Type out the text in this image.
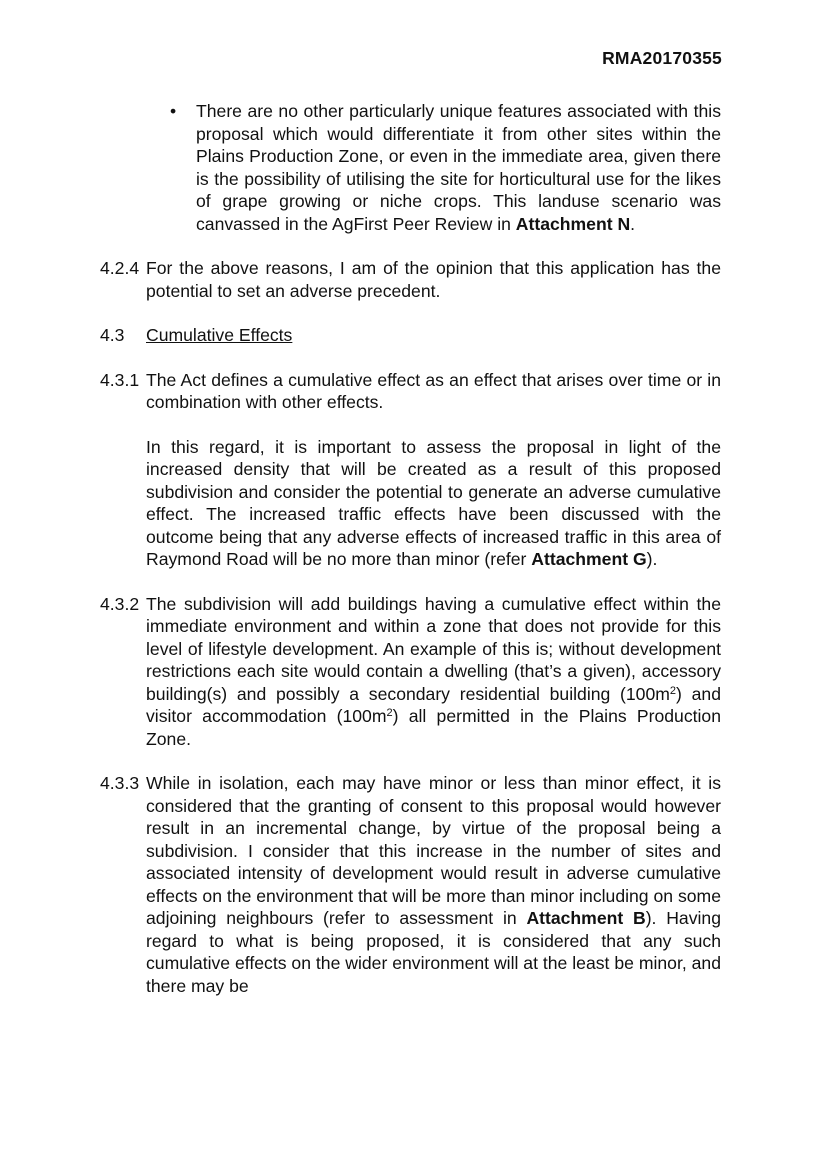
RMA20170355
• There are no other particularly unique features associated with this proposal which would differentiate it from other sites within the Plains Production Zone, or even in the immediate area, given there is the possibility of utilising the site for horticultural use for the likes of grape growing or niche crops. This landuse scenario was canvassed in the AgFirst Peer Review in Attachment N.
4.2.4 For the above reasons, I am of the opinion that this application has the potential to set an adverse precedent.
4.3 Cumulative Effects
4.3.1 The Act defines a cumulative effect as an effect that arises over time or in combination with other effects.
In this regard, it is important to assess the proposal in light of the increased density that will be created as a result of this proposed subdivision and consider the potential to generate an adverse cumulative effect. The increased traffic effects have been discussed with the outcome being that any adverse effects of increased traffic in this area of Raymond Road will be no more than minor (refer Attachment G).
4.3.2 The subdivision will add buildings having a cumulative effect within the immediate environment and within a zone that does not provide for this level of lifestyle development. An example of this is; without development restrictions each site would contain a dwelling (that’s a given), accessory building(s) and possibly a secondary residential building $(100m^2)$ and visitor accommodation $(100m^2)$ all permitted in the Plains Production Zone.
4.3.3 While in isolation, each may have minor or less than minor effect, it is considered that the granting of consent to this proposal would however result in an incremental change, by virtue of the proposal being a subdivision. I consider that this increase in the number of sites and associated intensity of development would result in adverse cumulative effects on the environment that will be more than minor including on some adjoining neighbours (refer to assessment in Attachment B). Having regard to what is being proposed, it is considered that any such cumulative effects on the wider environment will at the least be minor, and there may be
